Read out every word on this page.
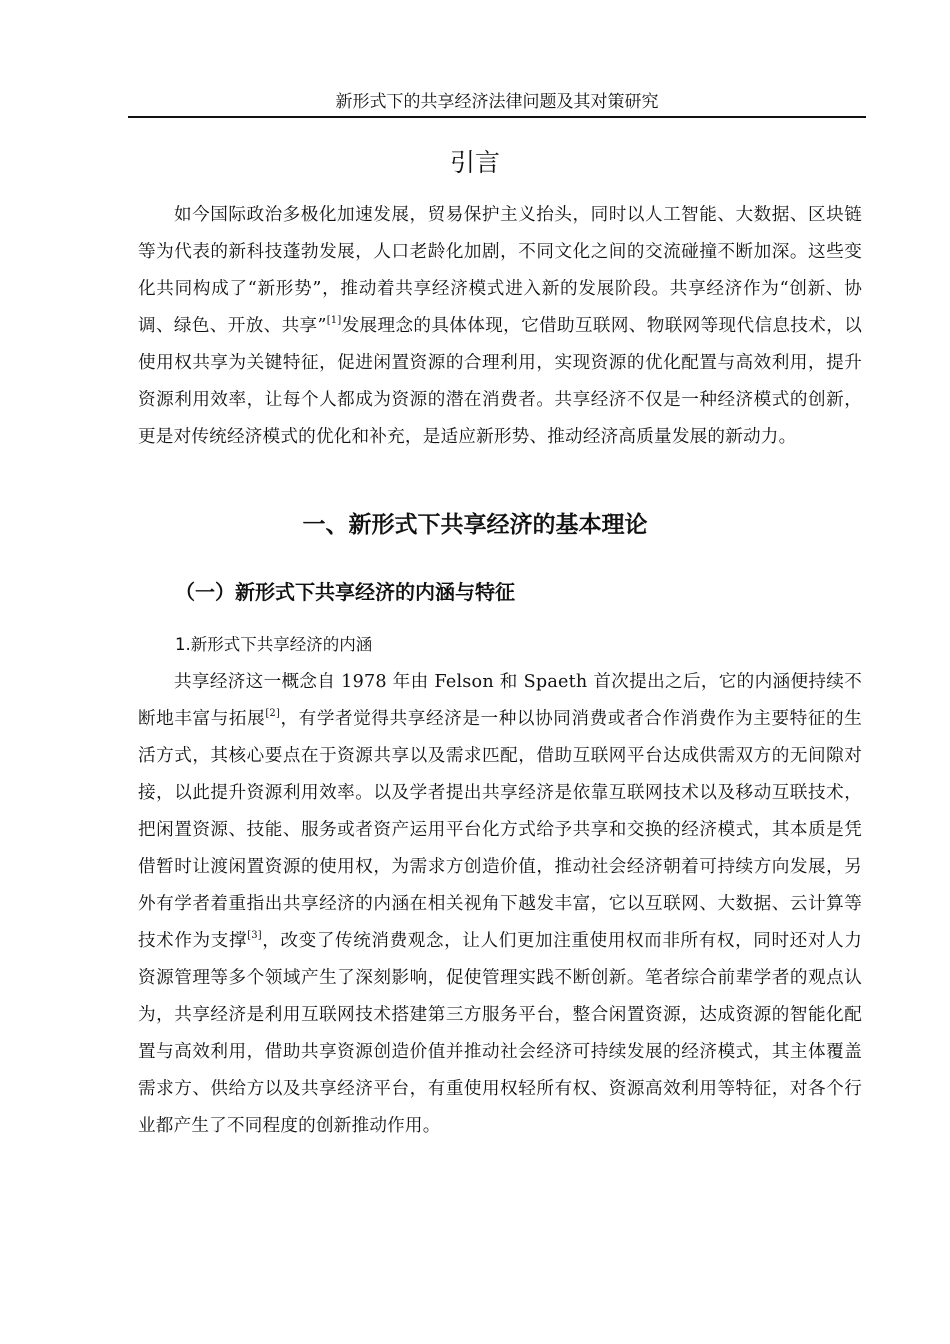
新形式下的共享经济法律问题及其对策研究
引言

如今国际政治多极化加速发展，贸易保护主义抬头，同时以人工智能、大数据、区块链等为代表的新科技蓬勃发展，人口老龄化加剧，不同文化之间的交流碰撞不断加深。这些变化共同构成了“新形势”，推动着共享经济模式进入新的发展阶段。共享经济作为“创新、协调、绿色、开放、共享”[1]发展理念的具体体现，它借助互联网、物联网等现代信息技术，以使用权共享为关键特征，促进闲置资源的合理利用，实现资源的优化配置与高效利用，提升资源利用效率，让每个人都成为资源的潜在消费者。共享经济不仅是一种经济模式的创新，更是对传统经济模式的优化和补充，是适应新形势、推动经济高质量发展的新动力。

一、新形式下共享经济的基本理论
（一）新形式下共享经济的内涵与特征
1.新形式下共享经济的内涵

共享经济这一概念自 1978 年由 Felson 和 Spaeth 首次提出之后，它的内涵便持续不断地丰富与拓展[2]，有学者觉得共享经济是一种以协同消费或者合作消费作为主要特征的生活方式，其核心要点在于资源共享以及需求匹配，借助互联网平台达成供需双方的无间隙对接，以此提升资源利用效率。以及学者提出共享经济是依靠互联网技术以及移动互联技术，把闲置资源、技能、服务或者资产运用平台化方式给予共享和交换的经济模式，其本质是凭借暂时让渡闲置资源的使用权，为需求方创造价值，推动社会经济朝着可持续方向发展，另外有学者着重指出共享经济的内涵在相关视角下越发丰富，它以互联网、大数据、云计算等技术作为支撑[3]，改变了传统消费观念，让人们更加注重使用权而非所有权，同时还对人力资源管理等多个领域产生了深刻影响，促使管理实践不断创新。笔者综合前辈学者的观点认为，共享经济是利用互联网技术搭建第三方服务平台，整合闲置资源，达成资源的智能化配置与高效利用，借助共享资源创造价值并推动社会经济可持续发展的经济模式，其主体覆盖需求方、供给方以及共享经济平台，有重使用权轻所有权、资源高效利用等特征，对各个行业都产生了不同程度的创新推动作用。
